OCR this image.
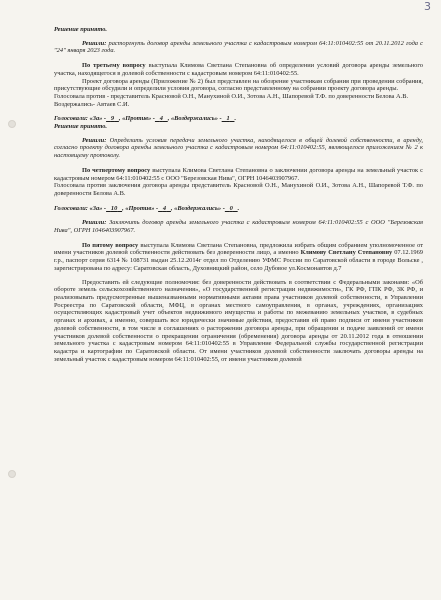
3

Решение принято.

Решили: расторгнуть договор аренды земельного участка с кадастровым номером 64:11:010402:55 от 20.11.2012 года с "24" января 2023 года.

По третьему вопросу выступала Климова Светлана Степановна об определении условий договора аренды земельного участка, находящегося в долевой собственности с кадастровым номером 64:11:010402:55.

Проект договора аренды (Приложение № 2) был представлен на обозрение участникам собрания при проведении собрания, присутствующие обсудили и определили условия договора, согласно представленному на собрании проекту договора аренды.

Голосовала против - представитель Красновой О.Н., Манухиной О.И., Зотова А.Н., Шапоревой Т.Ф. по доверенности Белова А.В.

Воздержались- Автаев С.И.

Голосовали: «За» - 9 , «Против» - 4 , «Воздержались» - 1 .

Решение принято.

Решили: Определить условия передачи земельного участка, находящегося в общей долевой собственности, в аренду, согласно проекту договора аренды земельного участка с кадастровым номером 64:11:010402:55, являющегося приложением № 2 к настоящему протоколу.

По четвертому вопросу выступала Климова Светлана Степановна о заключении договора аренды на земельный участок с кадастровым номером 64:11:010402:55 с ООО "Березовская Нива", ОГРН 1046403907967.

Голосовала против заключения договора аренды представитель Красновой О.Н., Манухиной О.И., Зотова А.Н., Шапоревой Т.Ф. по доверенности Белова А.В.

Голосовали: «За» - 10 , «Против» - 4 , «Воздержались» - 0 .

Решили: Заключить договор аренды земельного участка с кадастровым номером 64:11:010402:55 с ООО "Березовская Нива", ОГРН 1046403907967.

По пятому вопросу выступала Климова Светлана Степановна, предложила избрать общим собранием уполномоченное от имени участников долевой собственности действовать без доверенности лицо, а именно Климову Светлану Степановну 07.12.1969 г.р., паспорт серия 6314 № 108731 выдан 25.12.2014г отдел по Отделению УФМС России по Саратовской области в городе Вольске , зарегистрирована по адресу: Саратовская область, Духовницкий район, село Дубовое ул.Космонавтов д.7

Предоставить ей следующие полномочия: без доверенности действовать в соответствии с Федеральными законами: «Об обороте земель сельскохозяйственного назначения», «О государственной регистрации недвижимости», ГК РФ, ГПК РФ, ЗК РФ, и реализовывать предусмотренные вышеназванными нормативными актами права участников долевой собственности, в Управлении Росреестра по Саратовской области, МФЦ, в органах местного самоуправления, в органах, учреждениях, организациях осуществляющих кадастровый учет объектов недвижимого имущества и работы по межеванию земельных участков, в судебных органах и архивах, а именно, совершать все юридически значимые действия, предоставив ей право подписи от имени участников долевой собственности, в том числе в соглашениях о расторжении договора аренды, при обращении и подаче заявлений от имени участников долевой собственности о прекращении ограничения (обременения) договора аренды от 20.11.2012 года в отношении земельного участка с кадастровым номером 64:11:010402:55 в Управление Федеральной службы государственной регистрации кадастра и картографии по Саратовской области. От имени участников долевой собственности заключать договоры аренды на земельный участок с кадастровым номером 64:11:010402:55, от имени участников долевой
